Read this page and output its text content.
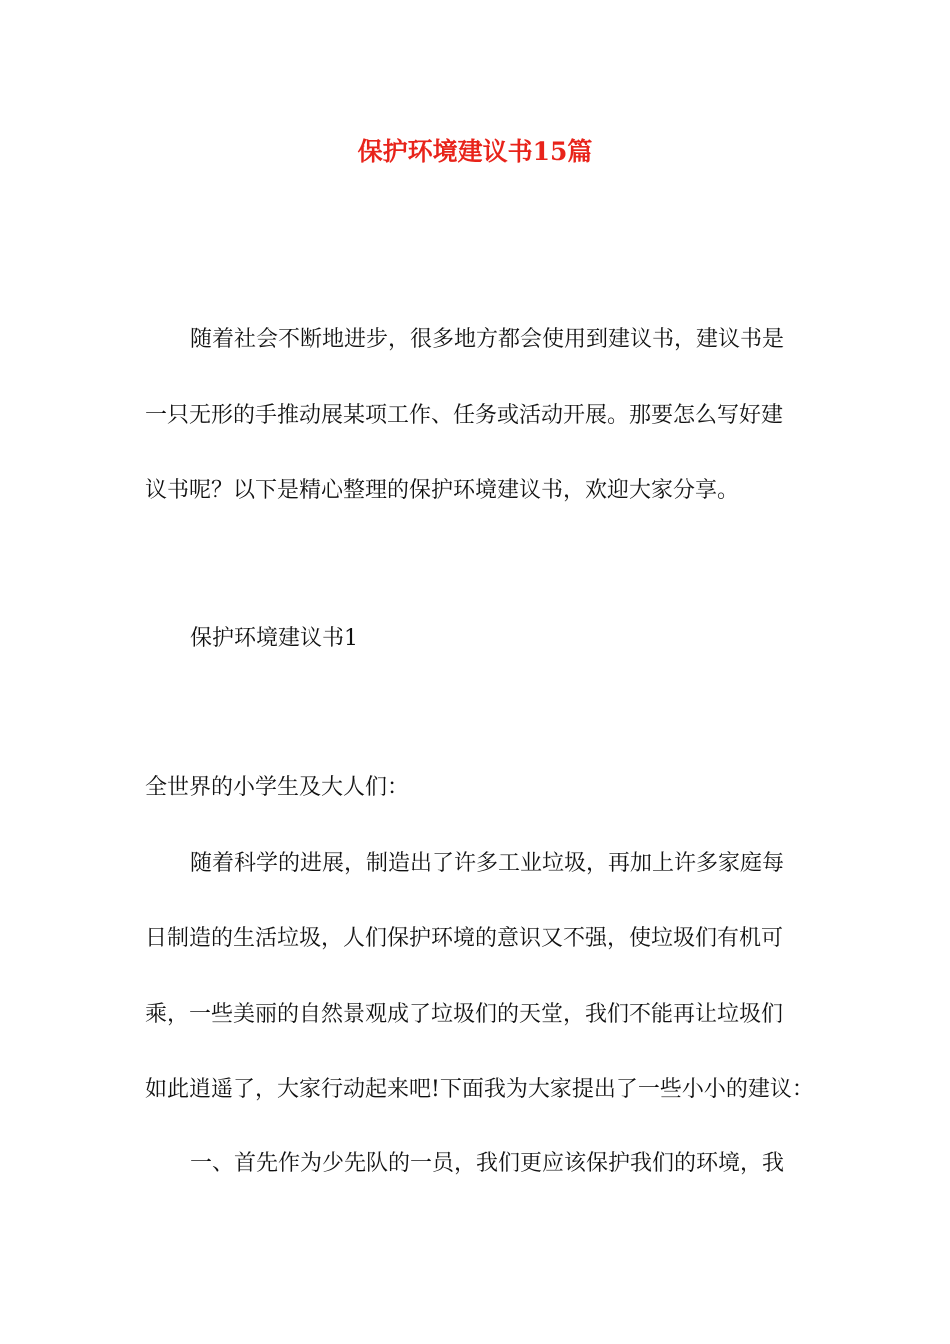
保护环境建议书15篇
随着社会不断地进步，很多地方都会使用到建议书，建议书是
一只无形的手推动展某项工作、任务或活动开展。那要怎么写好建
议书呢？以下是精心整理的保护环境建议书，欢迎大家分享。
保护环境建议书1
全世界的小学生及大人们：
随着科学的进展，制造出了许多工业垃圾，再加上许多家庭每
日制造的生活垃圾，人们保护环境的意识又不强，使垃圾们有机可
乘，一些美丽的自然景观成了垃圾们的天堂，我们不能再让垃圾们
如此逍遥了，大家行动起来吧!下面我为大家提出了一些小小的建议：
一、首先作为少先队的一员，我们更应该保护我们的环境，我
